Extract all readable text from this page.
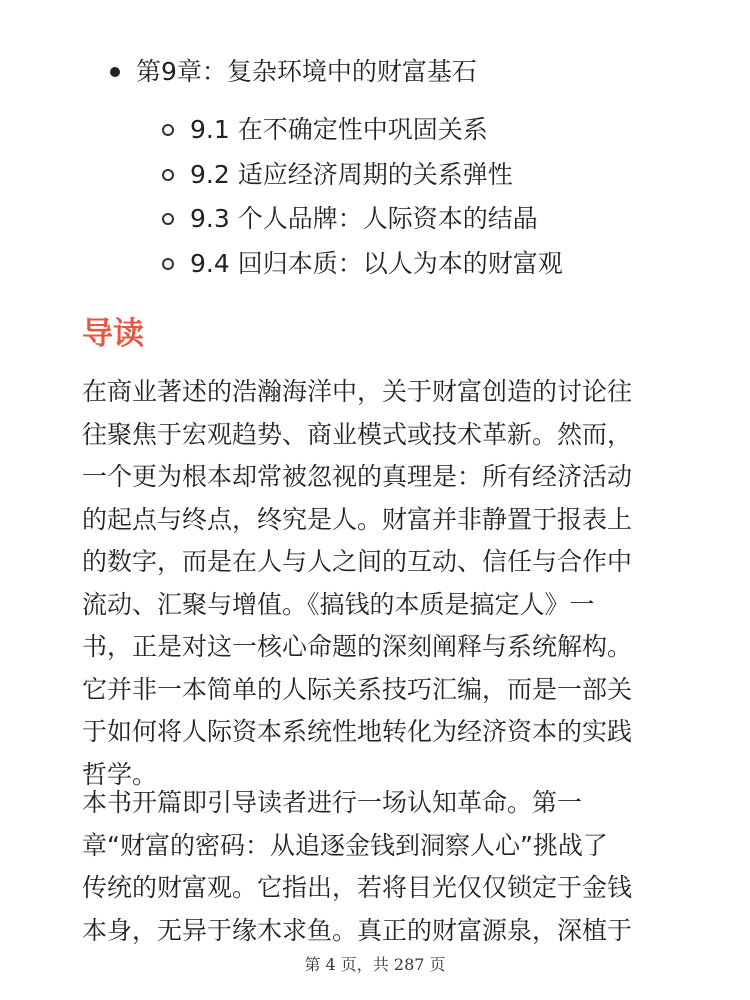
第9章：复杂环境中的财富基石
9.1 在不确定性中巩固关系
9.2 适应经济周期的关系弹性
9.3 个人品牌：人际资本的结晶
9.4 回归本质：以人为本的财富观
导读
在商业著述的浩瀚海洋中，关于财富创造的讨论往
往聚焦于宏观趋势、商业模式或技术革新。然而，
一个更为根本却常被忽视的真理是：所有经济活动
的起点与终点，终究是人。财富并非静置于报表上
的数字，而是在人与人之间的互动、信任与合作中
流动、汇聚与增值。《搞钱的本质是搞定人》一
书，正是对这一核心命题的深刻阐释与系统解构。
它并非一本简单的人际关系技巧汇编，而是一部关
于如何将人际资本系统性地转化为经济资本的实践
哲学。
本书开篇即引导读者进行一场认知革命。第一
章“财富的密码：从追逐金钱到洞察人心”挑战了
传统的财富观。它指出，若将目光仅仅锁定于金钱
本身，无异于缘木求鱼。真正的财富源泉，深植于
第 4 页，共 287 页
